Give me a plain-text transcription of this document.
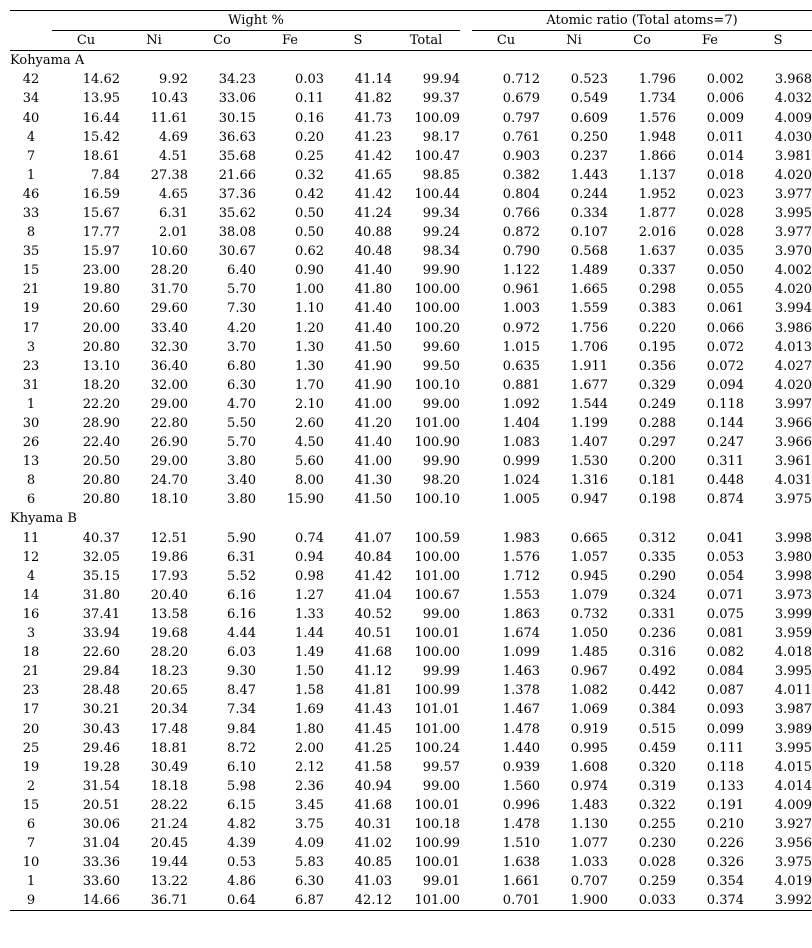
	Wight %							Atomic ratio (Total atoms=7)				
	Cu	Ni	Co	Fe	S	Total		Cu	Ni	Co	Fe	S
Kohyama A												
42	14.62	9.92	34.23	0.03	41.14	99.94		0.712	0.523	1.796	0.002	3.968
34	13.95	10.43	33.06	0.11	41.82	99.37		0.679	0.549	1.734	0.006	4.032
40	16.44	11.61	30.15	0.16	41.73	100.09		0.797	0.609	1.576	0.009	4.009
4	15.42	4.69	36.63	0.20	41.23	98.17		0.761	0.250	1.948	0.011	4.030
7	18.61	4.51	35.68	0.25	41.42	100.47		0.903	0.237	1.866	0.014	3.981
1	7.84	27.38	21.66	0.32	41.65	98.85		0.382	1.443	1.137	0.018	4.020
46	16.59	4.65	37.36	0.42	41.42	100.44		0.804	0.244	1.952	0.023	3.977
33	15.67	6.31	35.62	0.50	41.24	99.34		0.766	0.334	1.877	0.028	3.995
8	17.77	2.01	38.08	0.50	40.88	99.24		0.872	0.107	2.016	0.028	3.977
35	15.97	10.60	30.67	0.62	40.48	98.34		0.790	0.568	1.637	0.035	3.970
15	23.00	28.20	6.40	0.90	41.40	99.90		1.122	1.489	0.337	0.050	4.002
21	19.80	31.70	5.70	1.00	41.80	100.00		0.961	1.665	0.298	0.055	4.020
19	20.60	29.60	7.30	1.10	41.40	100.00		1.003	1.559	0.383	0.061	3.994
17	20.00	33.40	4.20	1.20	41.40	100.20		0.972	1.756	0.220	0.066	3.986
3	20.80	32.30	3.70	1.30	41.50	99.60		1.015	1.706	0.195	0.072	4.013
23	13.10	36.40	6.80	1.30	41.90	99.50		0.635	1.911	0.356	0.072	4.027
31	18.20	32.00	6.30	1.70	41.90	100.10		0.881	1.677	0.329	0.094	4.020
1	22.20	29.00	4.70	2.10	41.00	99.00		1.092	1.544	0.249	0.118	3.997
30	28.90	22.80	5.50	2.60	41.20	101.00		1.404	1.199	0.288	0.144	3.966
26	22.40	26.90	5.70	4.50	41.40	100.90		1.083	1.407	0.297	0.247	3.966
13	20.50	29.00	3.80	5.60	41.00	99.90		0.999	1.530	0.200	0.311	3.961
8	20.80	24.70	3.40	8.00	41.30	98.20		1.024	1.316	0.181	0.448	4.031
6	20.80	18.10	3.80	15.90	41.50	100.10		1.005	0.947	0.198	0.874	3.975
Khyama B												
11	40.37	12.51	5.90	0.74	41.07	100.59		1.983	0.665	0.312	0.041	3.998
12	32.05	19.86	6.31	0.94	40.84	100.00		1.576	1.057	0.335	0.053	3.980
4	35.15	17.93	5.52	0.98	41.42	101.00		1.712	0.945	0.290	0.054	3.998
14	31.80	20.40	6.16	1.27	41.04	100.67		1.553	1.079	0.324	0.071	3.973
16	37.41	13.58	6.16	1.33	40.52	99.00		1.863	0.732	0.331	0.075	3.999
3	33.94	19.68	4.44	1.44	40.51	100.01		1.674	1.050	0.236	0.081	3.959
18	22.60	28.20	6.03	1.49	41.68	100.00		1.099	1.485	0.316	0.082	4.018
21	29.84	18.23	9.30	1.50	41.12	99.99		1.463	0.967	0.492	0.084	3.995
23	28.48	20.65	8.47	1.58	41.81	100.99		1.378	1.082	0.442	0.087	4.011
17	30.21	20.34	7.34	1.69	41.43	101.01		1.467	1.069	0.384	0.093	3.987
20	30.43	17.48	9.84	1.80	41.45	101.00		1.478	0.919	0.515	0.099	3.989
25	29.46	18.81	8.72	2.00	41.25	100.24		1.440	0.995	0.459	0.111	3.995
19	19.28	30.49	6.10	2.12	41.58	99.57		0.939	1.608	0.320	0.118	4.015
2	31.54	18.18	5.98	2.36	40.94	99.00		1.560	0.974	0.319	0.133	4.014
15	20.51	28.22	6.15	3.45	41.68	100.01		0.996	1.483	0.322	0.191	4.009
6	30.06	21.24	4.82	3.75	40.31	100.18		1.478	1.130	0.255	0.210	3.927
7	31.04	20.45	4.39	4.09	41.02	100.99		1.510	1.077	0.230	0.226	3.956
10	33.36	19.44	0.53	5.83	40.85	100.01		1.638	1.033	0.028	0.326	3.975
1	33.60	13.22	4.86	6.30	41.03	99.01		1.661	0.707	0.259	0.354	4.019
9	14.66	36.71	0.64	6.87	42.12	101.00		0.701	1.900	0.033	0.374	3.992
